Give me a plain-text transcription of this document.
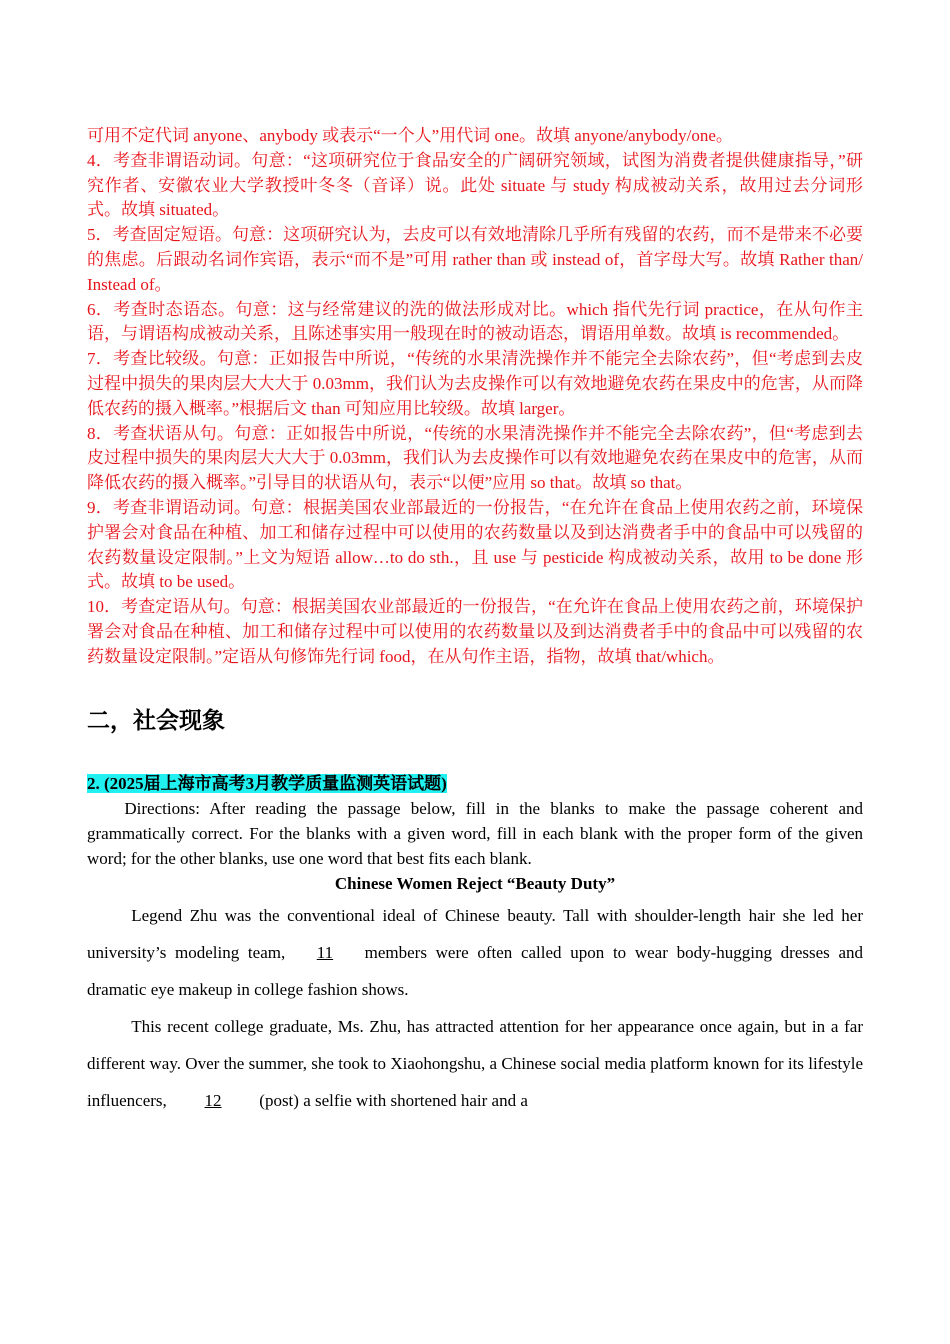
可用不定代词 anyone、anybody 或表示“一个人”用代词 one。故填 anyone/anybody/one。

4．考查非谓语动词。句意：“这项研究位于食品安全的广阔研究领域，试图为消费者提供健康指导，”研究作者、安徽农业大学教授叶冬冬（音译）说。此处 situate 与 study 构成被动关系，故用过去分词形式。故填 situated。

5．考查固定短语。句意：这项研究认为，去皮可以有效地清除几乎所有残留的农药，而不是带来不必要的焦虑。后跟动名词作宾语，表示“而不是”可用 rather than 或 instead of，首字母大写。故填 Rather than/ Instead of。

6．考查时态语态。句意：这与经常建议的洗的做法形成对比。which 指代先行词 practice，在从句作主语，与谓语构成被动关系，且陈述事实用一般现在时的被动语态，谓语用单数。故填 is recommended。

7．考查比较级。句意：正如报告中所说，“传统的水果清洗操作并不能完全去除农药”，但“考虑到去皮过程中损失的果肉层大大大于 0.03mm，我们认为去皮操作可以有效地避免农药在果皮中的危害，从而降低农药的摄入概率。”根据后文 than 可知应用比较级。故填 larger。

8．考查状语从句。句意：正如报告中所说，“传统的水果清洗操作并不能完全去除农药”，但“考虑到去皮过程中损失的果肉层大大大于 0.03mm，我们认为去皮操作可以有效地避免农药在果皮中的危害，从而降低农药的摄入概率。”引导目的状语从句，表示“以便”应用 so that。故填 so that。

9．考查非谓语动词。句意：根据美国农业部最近的一份报告，“在允许在食品上使用农药之前，环境保护署会对食品在种植、加工和储存过程中可以使用的农药数量以及到达消费者手中的食品中可以残留的农药数量设定限制。”上文为短语 allow…to do sth.，且 use 与 pesticide 构成被动关系，故用 to be done 形式。故填 to be used。

10．考查定语从句。句意：根据美国农业部最近的一份报告，“在允许在食品上使用农药之前，环境保护署会对食品在种植、加工和储存过程中可以使用的农药数量以及到达消费者手中的食品中可以残留的农药数量设定限制。”定语从句修饰先行词 food，在从句作主语，指物，故填 that/which。

二，社会现象
2. (2025届上海市高考3月教学质量监测英语试题)

Directions: After reading the passage below, fill in the blanks to make the passage coherent and grammatically correct. For the blanks with a given word, fill in each blank with the proper form of the given word; for the other blanks, use one word that best fits each blank.

Chinese Women Reject “Beauty Duty”

Legend Zhu was the conventional ideal of Chinese beauty. Tall with shoulder-length hair she led her university’s modeling team, 11 members were often called upon to wear body-hugging dresses and dramatic eye makeup in college fashion shows.

This recent college graduate, Ms. Zhu, has attracted attention for her appearance once again, but in a far different way. Over the summer, she took to Xiaohongshu, a Chinese social media platform known for its lifestyle influencers, 12 (post) a selfie with shortened hair and a
